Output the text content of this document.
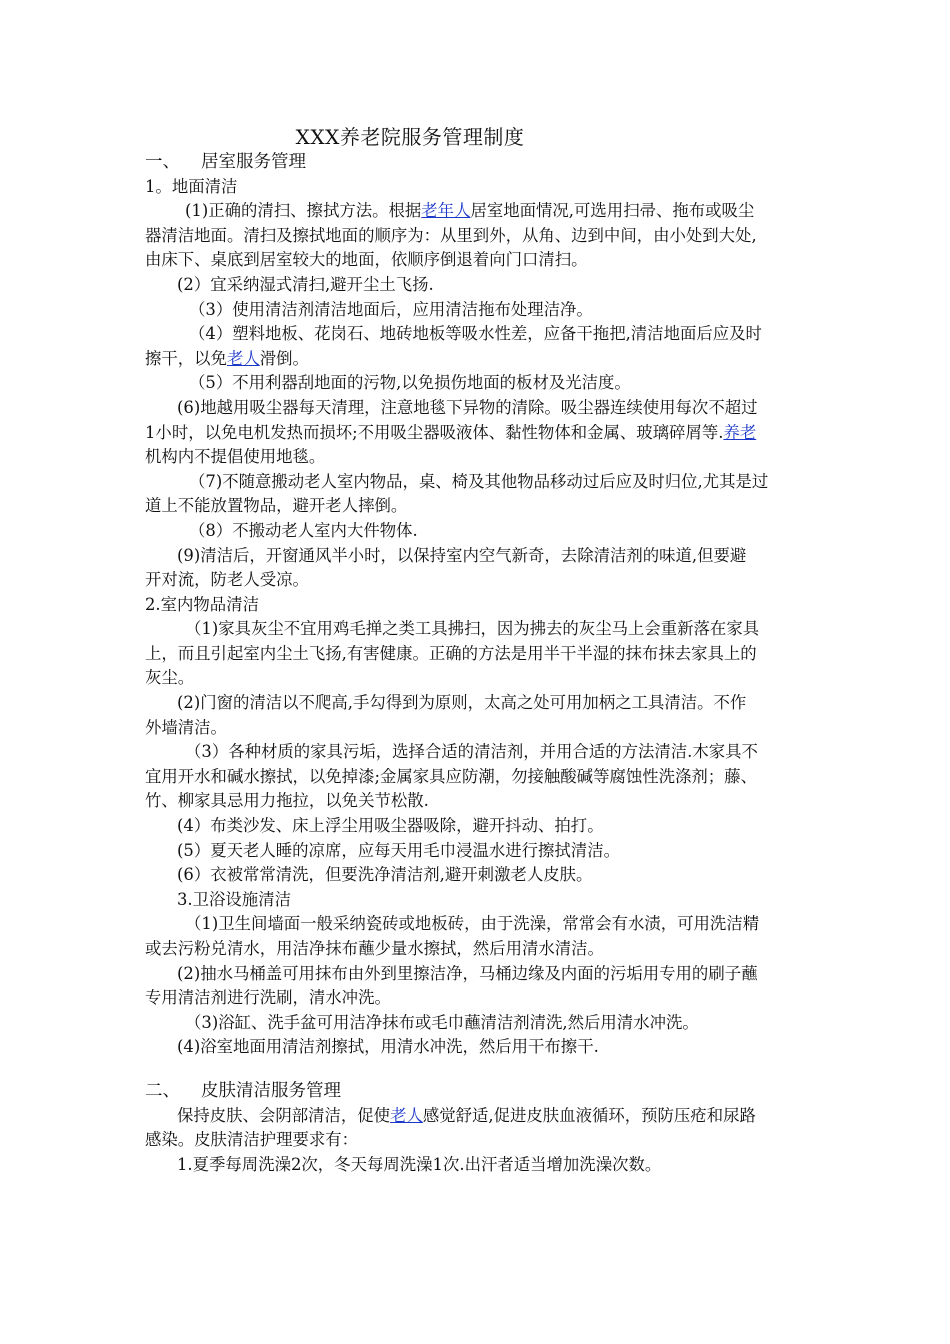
XXX养老院服务管理制度
一、 居室服务管理
1。地面清洁
(1)正确的清扫、擦拭方法。根据老年人居室地面情况,可选用扫帚、拖布或吸尘
器清洁地面。清扫及擦拭地面的顺序为：从里到外，从角、边到中间，由小处到大处,
由床下、桌底到居室较大的地面，依顺序倒退着向门口清扫。
(2）宜采纳湿式清扫,避开尘土飞扬.
（3）使用清洁剂清洁地面后，应用清洁拖布处理洁净。
（4）塑料地板、花岗石、地砖地板等吸水性差，应备干拖把,清洁地面后应及时
擦干，以免老人滑倒。
（5）不用利器刮地面的污物,以免损伤地面的板材及光洁度。
(6)地越用吸尘器每天清理，注意地毯下异物的清除。吸尘器连续使用每次不超过
1小时，以免电机发热而损坏;不用吸尘器吸液体、黏性物体和金属、玻璃碎屑等.养老
机构内不提倡使用地毯。
（7)不随意搬动老人室内物品，桌、椅及其他物品移动过后应及时归位,尤其是过
道上不能放置物品，避开老人摔倒。
（8）不搬动老人室内大件物体.
(9)清洁后，开窗通风半小时，以保持室内空气新奇，去除清洁剂的味道,但要避
开对流，防老人受凉。
2.室内物品清洁
（1)家具灰尘不宜用鸡毛掸之类工具拂扫，因为拂去的灰尘马上会重新落在家具
上，而且引起室内尘土飞扬,有害健康。正确的方法是用半干半湿的抹布抹去家具上的
灰尘。
(2)门窗的清洁以不爬高,手勾得到为原则，太高之处可用加柄之工具清洁。不作
外墙清洁。
（3）各种材质的家具污垢，选择合适的清洁剂，并用合适的方法清洁.木家具不
宜用开水和碱水擦拭，以免掉漆;金属家具应防潮，勿接触酸碱等腐蚀性洗涤剂；藤、
竹、柳家具忌用力拖拉，以免关节松散.
(4）布类沙发、床上浮尘用吸尘器吸除，避开抖动、拍打。
(5）夏天老人睡的凉席，应每天用毛巾浸温水进行擦拭清洁。
(6）衣被常常清洗，但要洗净清洁剂,避开刺激老人皮肤。
3.卫浴设施清洁
（1)卫生间墙面一般采纳瓷砖或地板砖，由于洗澡，常常会有水渍，可用洗洁精
或去污粉兑清水，用洁净抹布蘸少量水擦拭，然后用清水清洁。
(2)抽水马桶盖可用抹布由外到里擦洁净，马桶边缘及内面的污垢用专用的刷子蘸
专用清洁剂进行洗刷，清水冲洗。
（3)浴缸、洗手盆可用洁净抹布或毛巾蘸清洁剂清洗,然后用清水冲洗。
(4)浴室地面用清洁剂擦拭，用清水冲洗，然后用干布擦干.
二、 皮肤清洁服务管理
保持皮肤、会阴部清洁，促使老人感觉舒适,促进皮肤血液循环，预防压疮和尿路
感染。皮肤清洁护理要求有：
1.夏季每周洗澡2次，冬天每周洗澡1次.出汗者适当增加洗澡次数。
